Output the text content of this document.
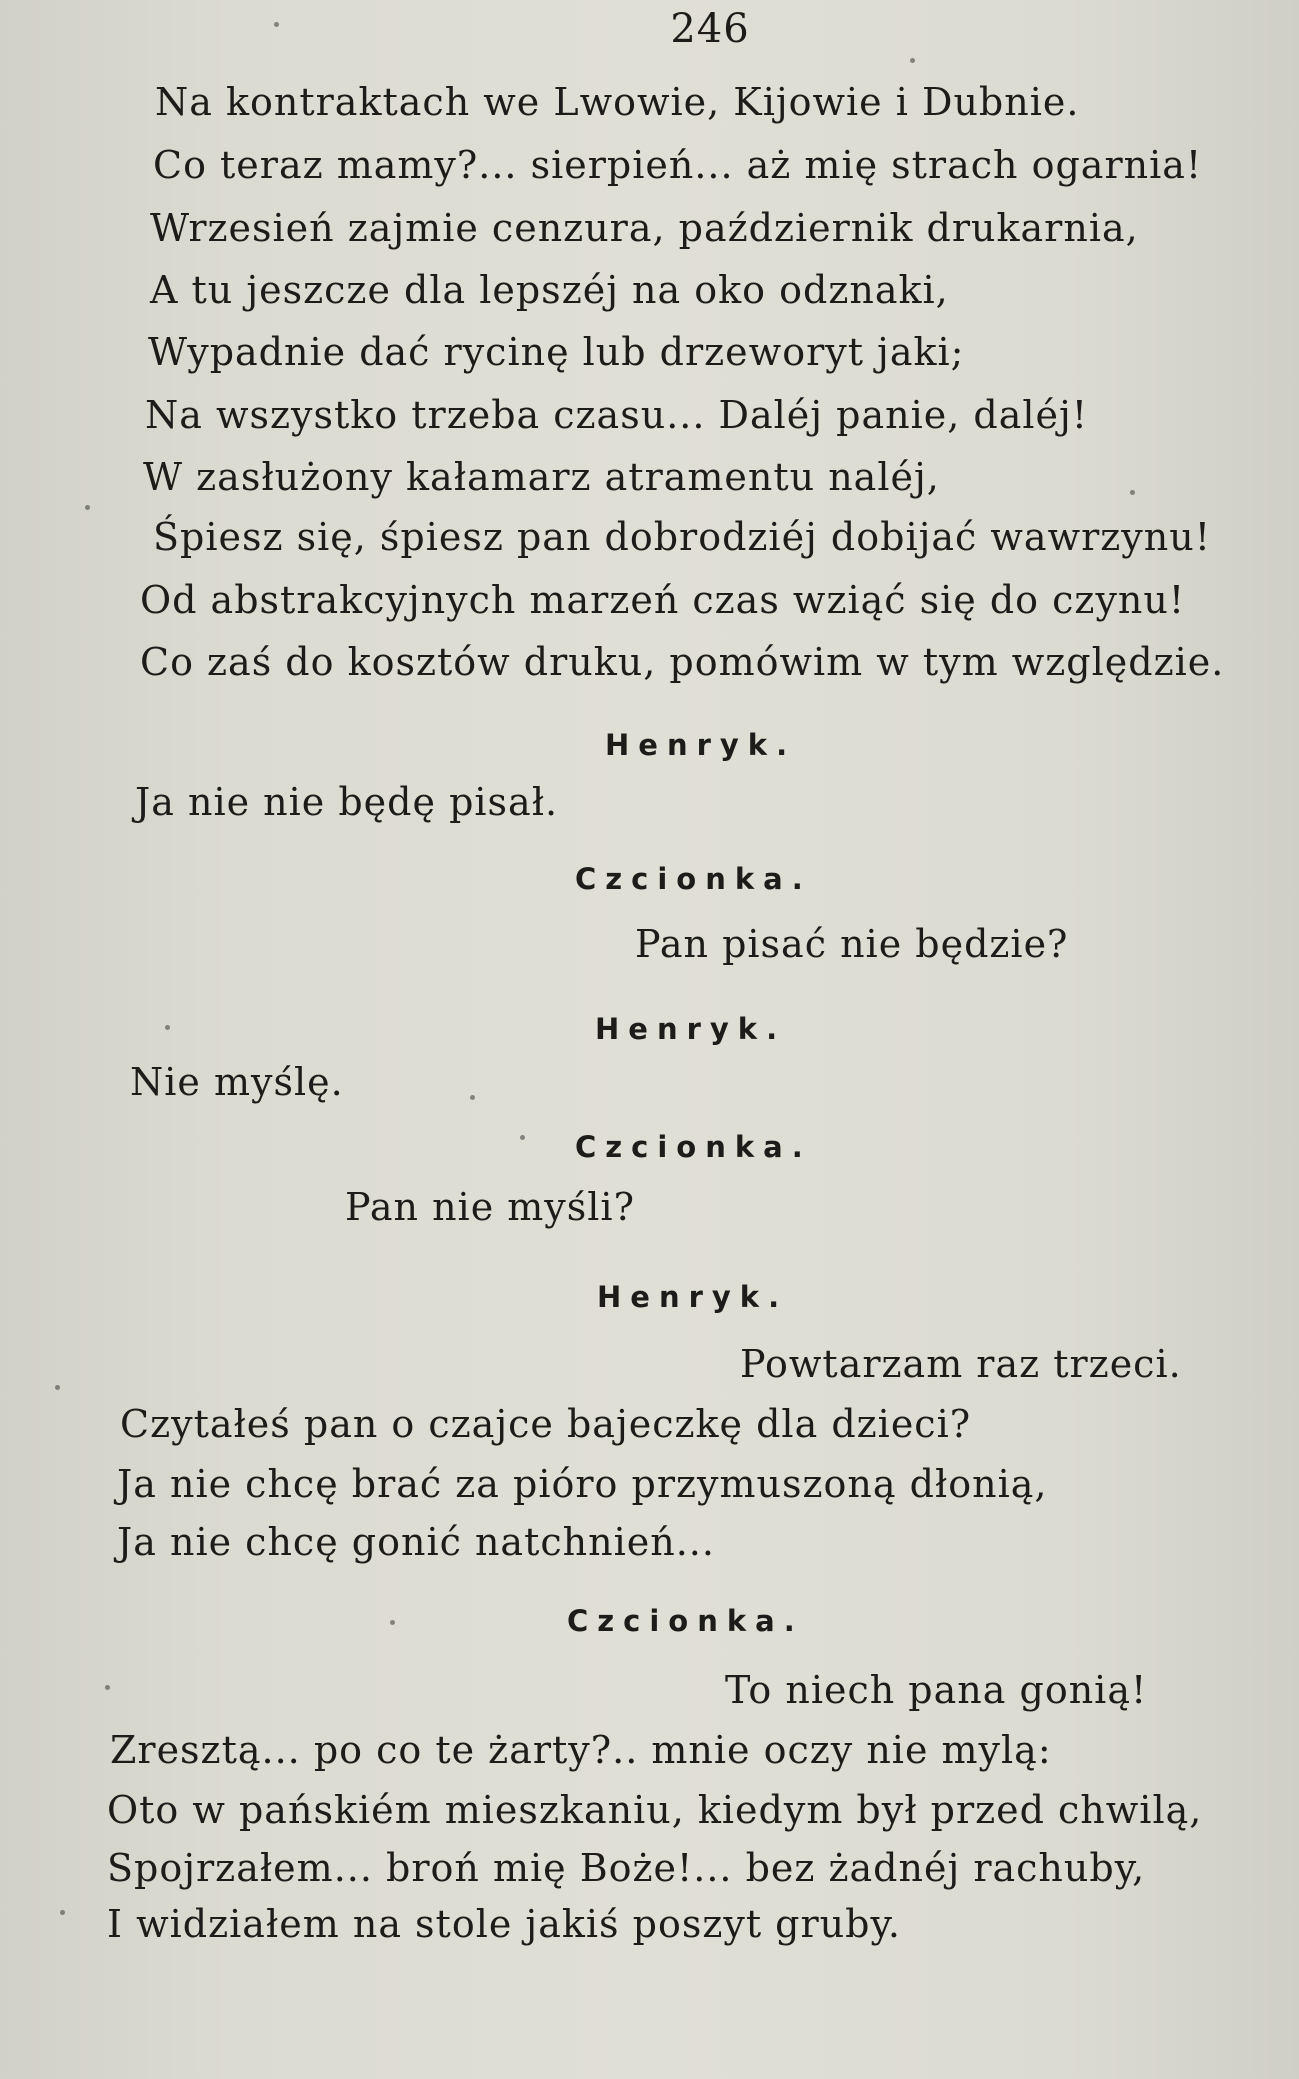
246
Na kontraktach we Lwowie, Kijowie i Dubnie.
Co teraz mamy?... sierpień... aż mię strach ogarnia!
Wrzesień zajmie cenzura, październik drukarnia,
A tu jeszcze dla lepszéj na oko odznaki,
Wypadnie dać rycinę lub drzeworyt jaki;
Na wszystko trzeba czasu... Daléj panie, daléj!
W zasłużony kałamarz atramentu naléj,
Śpiesz się, śpiesz pan dobrodziéj dobijać wawrzynu!
Od abstrakcyjnych marzeń czas wziąć się do czynu!
Co zaś do kosztów druku, pomówim w tym względzie.
Henryk.
Ja nie nie będę pisał.
Czcionka.
Pan pisać nie będzie?
Henryk.
Nie myślę.
Czcionka.
Pan nie myśli?
Henryk.
Powtarzam raz trzeci.
Czytałeś pan o czajce bajeczkę dla dzieci?
Ja nie chcę brać za pióro przymuszoną dłonią,
Ja nie chcę gonić natchnień...
Czcionka.
To niech pana gonią!
Zresztą... po co te żarty?.. mnie oczy nie mylą:
Oto w pańskiém mieszkaniu, kiedym był przed chwilą,
Spojrzałem... broń mię Boże!... bez żadnéj rachuby,
I widziałem na stole jakiś poszyt gruby.
